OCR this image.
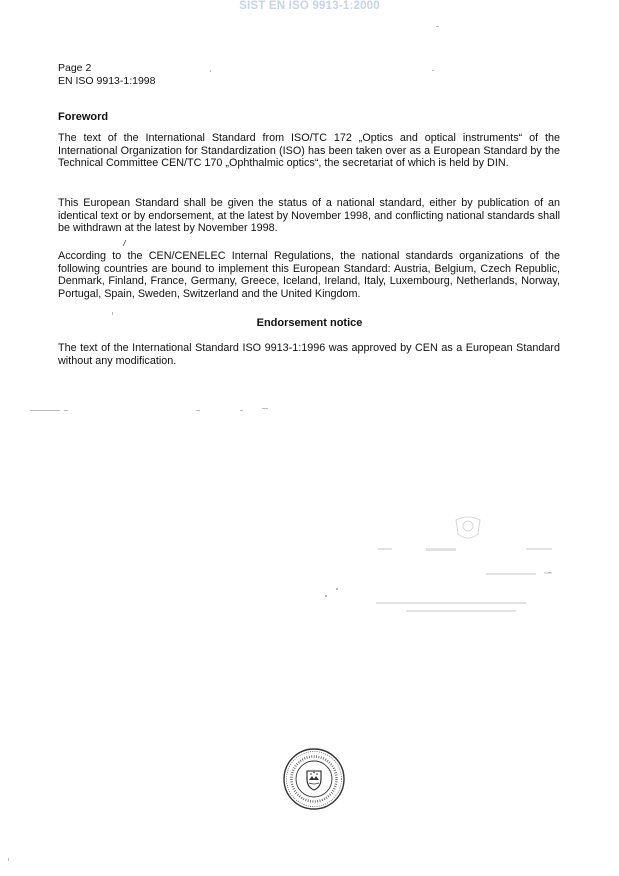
SIST EN ISO 9913-1:2000
Page 2
EN ISO 9913-1:1998
Foreword
The text of the International Standard from ISO/TC 172 „Optics and optical instruments“ of the International Organization for Standardization (ISO) has been taken over as a European Standard by the Technical Committee CEN/TC 170 „Ophthalmic optics“, the secretariat of which is held by DIN.
This European Standard shall be given the status of a national standard, either by publication of an identical text or by endorsement, at the latest by November 1998, and conflicting national standards shall be withdrawn at the latest by November 1998.
According to the CEN/CENELEC Internal Regulations, the national standards organizations of the following countries are bound to implement this European Standard: Austria, Belgium, Czech Republic, Denmark, Finland, France, Germany, Greece, Iceland, Ireland, Italy, Luxembourg, Netherlands, Norway, Portugal, Spain, Sweden, Switzerland and the United Kingdom.
Endorsement notice
The text of the International Standard ISO 9913-1:1996 was approved by CEN as a European Standard without any modification.
